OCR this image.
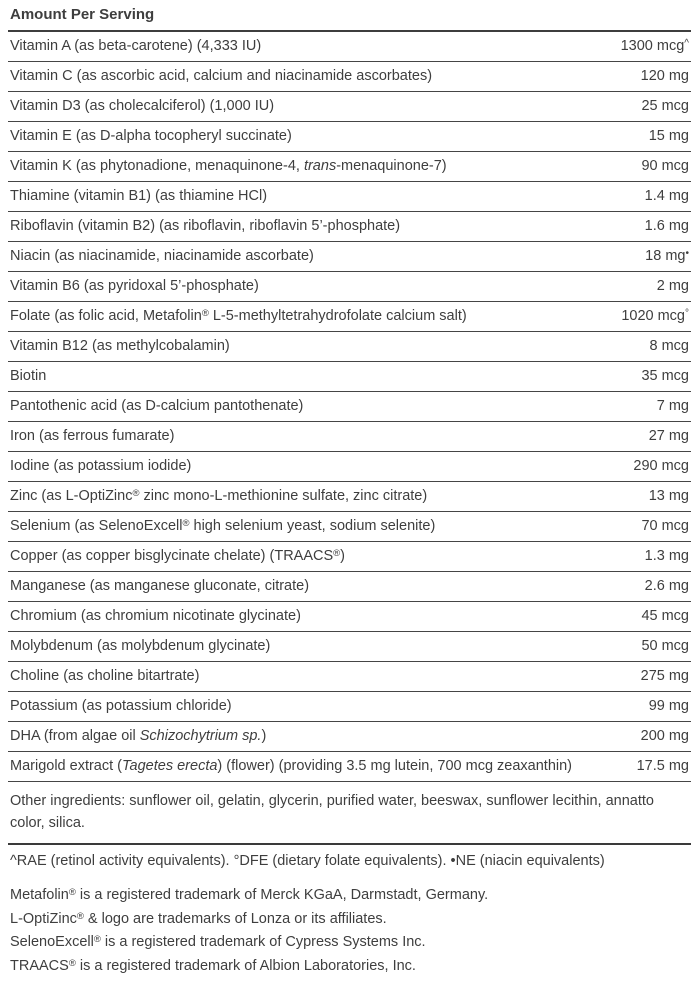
Amount Per Serving
Vitamin A (as beta-carotene) (4,333 IU)	1300 mcg^
Vitamin C (as ascorbic acid, calcium and niacinamide ascorbates)	120 mg
Vitamin D3 (as cholecalciferol) (1,000 IU)	25 mcg
Vitamin E (as D-alpha tocopheryl succinate)	15 mg
Vitamin K (as phytonadione, menaquinone-4, trans-menaquinone-7)	90 mcg
Thiamine (vitamin B1) (as thiamine HCl)	1.4 mg
Riboflavin (vitamin B2) (as riboflavin, riboflavin 5’-phosphate)	1.6 mg
Niacin (as niacinamide, niacinamide ascorbate)	18 mg•
Vitamin B6 (as pyridoxal 5’-phosphate)	2 mg
Folate (as folic acid, Metafolin® L-5-methyltetrahydrofolate calcium salt)	1020 mcg°
Vitamin B12 (as methylcobalamin)	8 mcg
Biotin	35 mcg
Pantothenic acid (as D-calcium pantothenate)	7 mg
Iron (as ferrous fumarate)	27 mg
Iodine (as potassium iodide)	290 mcg
Zinc (as L-OptiZinc® zinc mono-L-methionine sulfate, zinc citrate)	13 mg
Selenium (as SelenoExcell® high selenium yeast, sodium selenite)	70 mcg
Copper (as copper bisglycinate chelate) (TRAACS®)	1.3 mg
Manganese (as manganese gluconate, citrate)	2.6 mg
Chromium (as chromium nicotinate glycinate)	45 mcg
Molybdenum (as molybdenum glycinate)	50 mcg
Choline (as choline bitartrate)	275 mg
Potassium (as potassium chloride)	99 mg
DHA (from algae oil Schizochytrium sp.)	200 mg
Marigold extract (Tagetes erecta) (flower) (providing 3.5 mg lutein, 700 mcg zeaxanthin)	17.5 mg
Other ingredients: sunflower oil, gelatin, glycerin, purified water, beeswax, sunflower lecithin, annatto color, silica.
^RAE (retinol activity equivalents). °DFE (dietary folate equivalents). •NE (niacin equivalents)
Metafolin® is a registered trademark of Merck KGaA, Darmstadt, Germany.
L-OptiZinc® & logo are trademarks of Lonza or its affiliates.
SelenoExcell® is a registered trademark of Cypress Systems Inc.
TRAACS® is a registered trademark of Albion Laboratories, Inc.
